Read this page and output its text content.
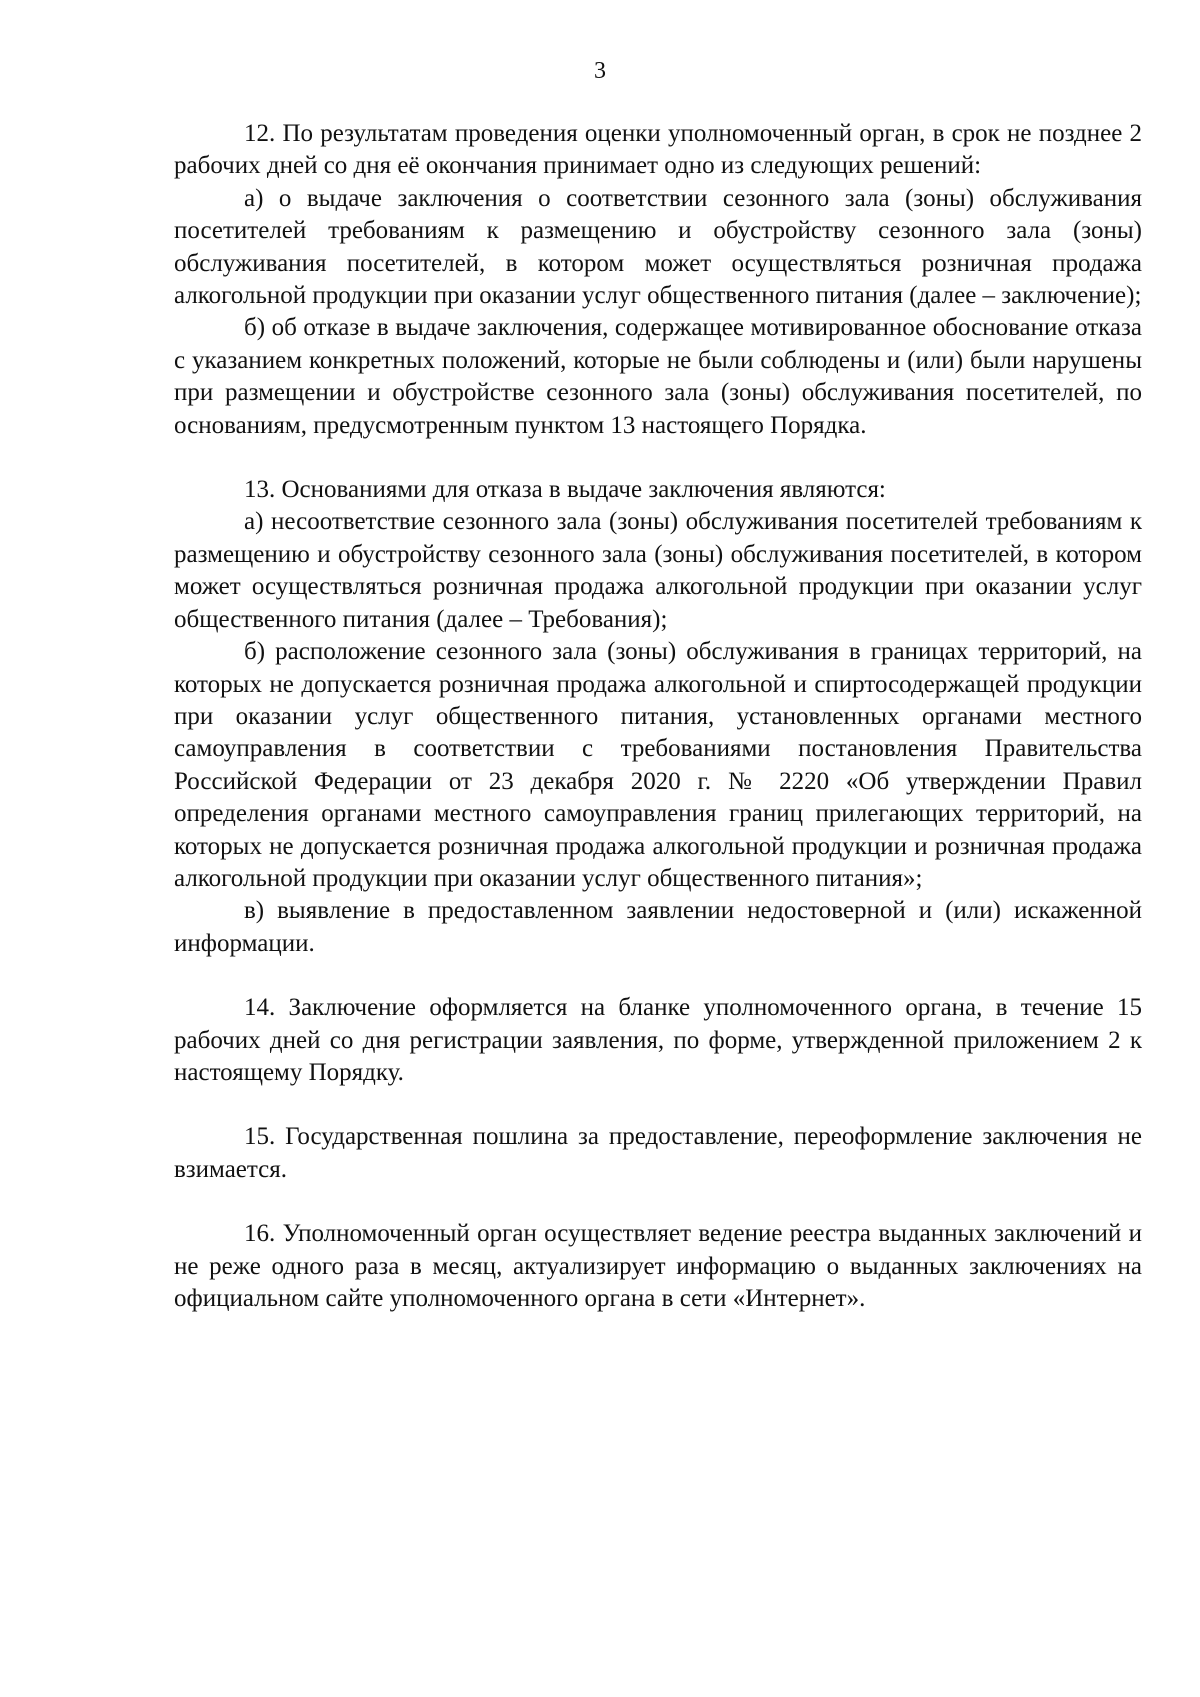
3

12. По результатам проведения оценки уполномоченный орган, в срок не позднее 2 рабочих дней со дня её окончания принимает одно из следующих решений:

а) о выдаче заключения о соответствии сезонного зала (зоны) обслуживания посетителей требованиям к размещению и обустройству сезонного зала (зоны) обслуживания посетителей, в котором может осуществляться розничная продажа алкогольной продукции при оказании услуг общественного питания (далее – заключение);

б) об отказе в выдаче заключения, содержащее мотивированное обоснование отказа с указанием конкретных положений, которые не были соблюдены и (или) были нарушены при размещении и обустройстве сезонного зала (зоны) обслуживания посетителей, по основаниям, предусмотренным пунктом 13 настоящего Порядка.

13. Основаниями для отказа в выдаче заключения являются:

а) несоответствие сезонного зала (зоны) обслуживания посетителей требованиям к размещению и обустройству сезонного зала (зоны) обслуживания посетителей, в котором может осуществляться розничная продажа алкогольной продукции при оказании услуг общественного питания (далее – Требования);

б) расположение сезонного зала (зоны) обслуживания в границах территорий, на которых не допускается розничная продажа алкогольной и спиртосодержащей продукции при оказании услуг общественного питания, установленных органами местного самоуправления в соответствии с требованиями постановления Правительства Российской Федерации от 23 декабря 2020 г. № 2220 «Об утверждении Правил определения органами местного самоуправления границ прилегающих территорий, на которых не допускается розничная продажа алкогольной продукции и розничная продажа алкогольной продукции при оказании услуг общественного питания»;

в) выявление в предоставленном заявлении недостоверной и (или) искаженной информации.

14. Заключение оформляется на бланке уполномоченного органа, в течение 15 рабочих дней со дня регистрации заявления, по форме, утвержденной приложением 2 к настоящему Порядку.

15. Государственная пошлина за предоставление, переоформление заключения не взимается.

16. Уполномоченный орган осуществляет ведение реестра выданных заключений и не реже одного раза в месяц, актуализирует информацию о выданных заключениях на официальном сайте уполномоченного органа в сети «Интернет».
